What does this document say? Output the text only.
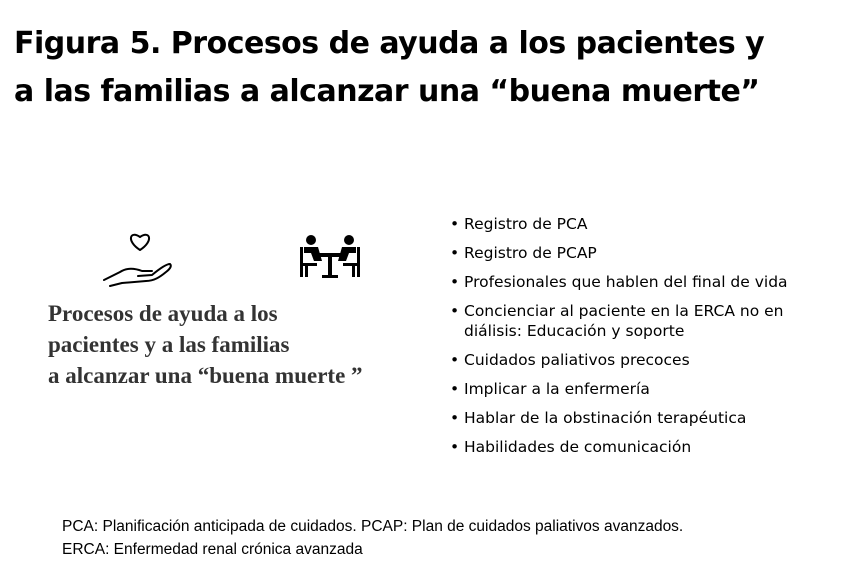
Figura 5. Procesos de ayuda a los pacientes y
a las familias a alcanzar una “buena muerte”
Procesos de ayuda a los
pacientes y a las familias
a alcanzar una “buena muerte ”
• Registro de PCA
• Registro de PCAP
• Profesionales que hablen del final de vida
• Concienciar al paciente en la ERCA no en diálisis: Educación y soporte
• Cuidados paliativos precoces
• Implicar a la enfermería
• Hablar de la obstinación terapéutica
• Habilidades de comunicación
PCA: Planificación anticipada de cuidados. PCAP: Plan de cuidados paliativos avanzados.
ERCA: Enfermedad renal crónica avanzada
